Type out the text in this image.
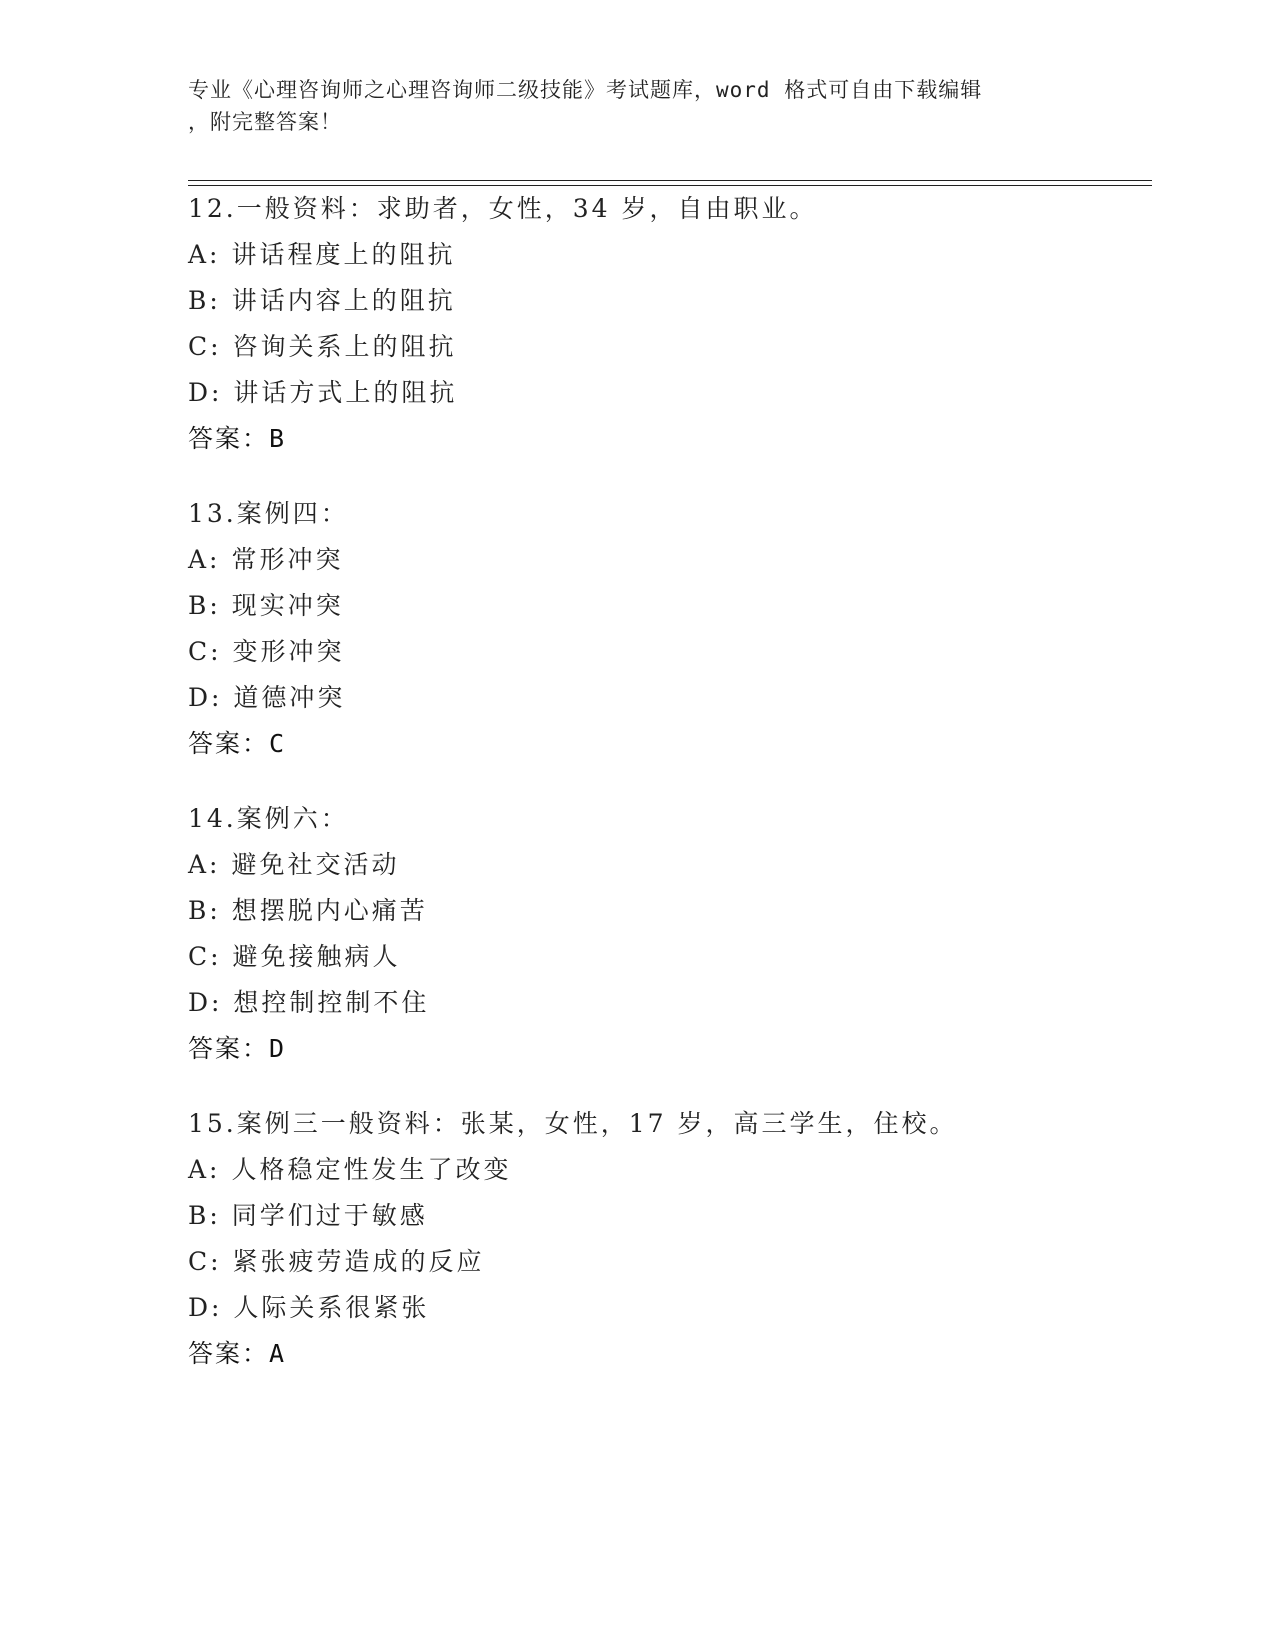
专业《心理咨询师之心理咨询师二级技能》考试题库，word 格式可自由下载编辑
，附完整答案！
12.一般资料：求助者，女性，34 岁，自由职业。
A: 讲话程度上的阻抗
B: 讲话内容上的阻抗
C: 咨询关系上的阻抗
D: 讲话方式上的阻抗
答案：B
13.案例四：
A: 常形冲突
B: 现实冲突
C: 变形冲突
D: 道德冲突
答案：C
14.案例六：
A: 避免社交活动
B: 想摆脱内心痛苦
C: 避免接触病人
D: 想控制控制不住
答案：D
15.案例三一般资料：张某，女性，17 岁，高三学生，住校。
A: 人格稳定性发生了改变
B: 同学们过于敏感
C: 紧张疲劳造成的反应
D: 人际关系很紧张
答案：A
